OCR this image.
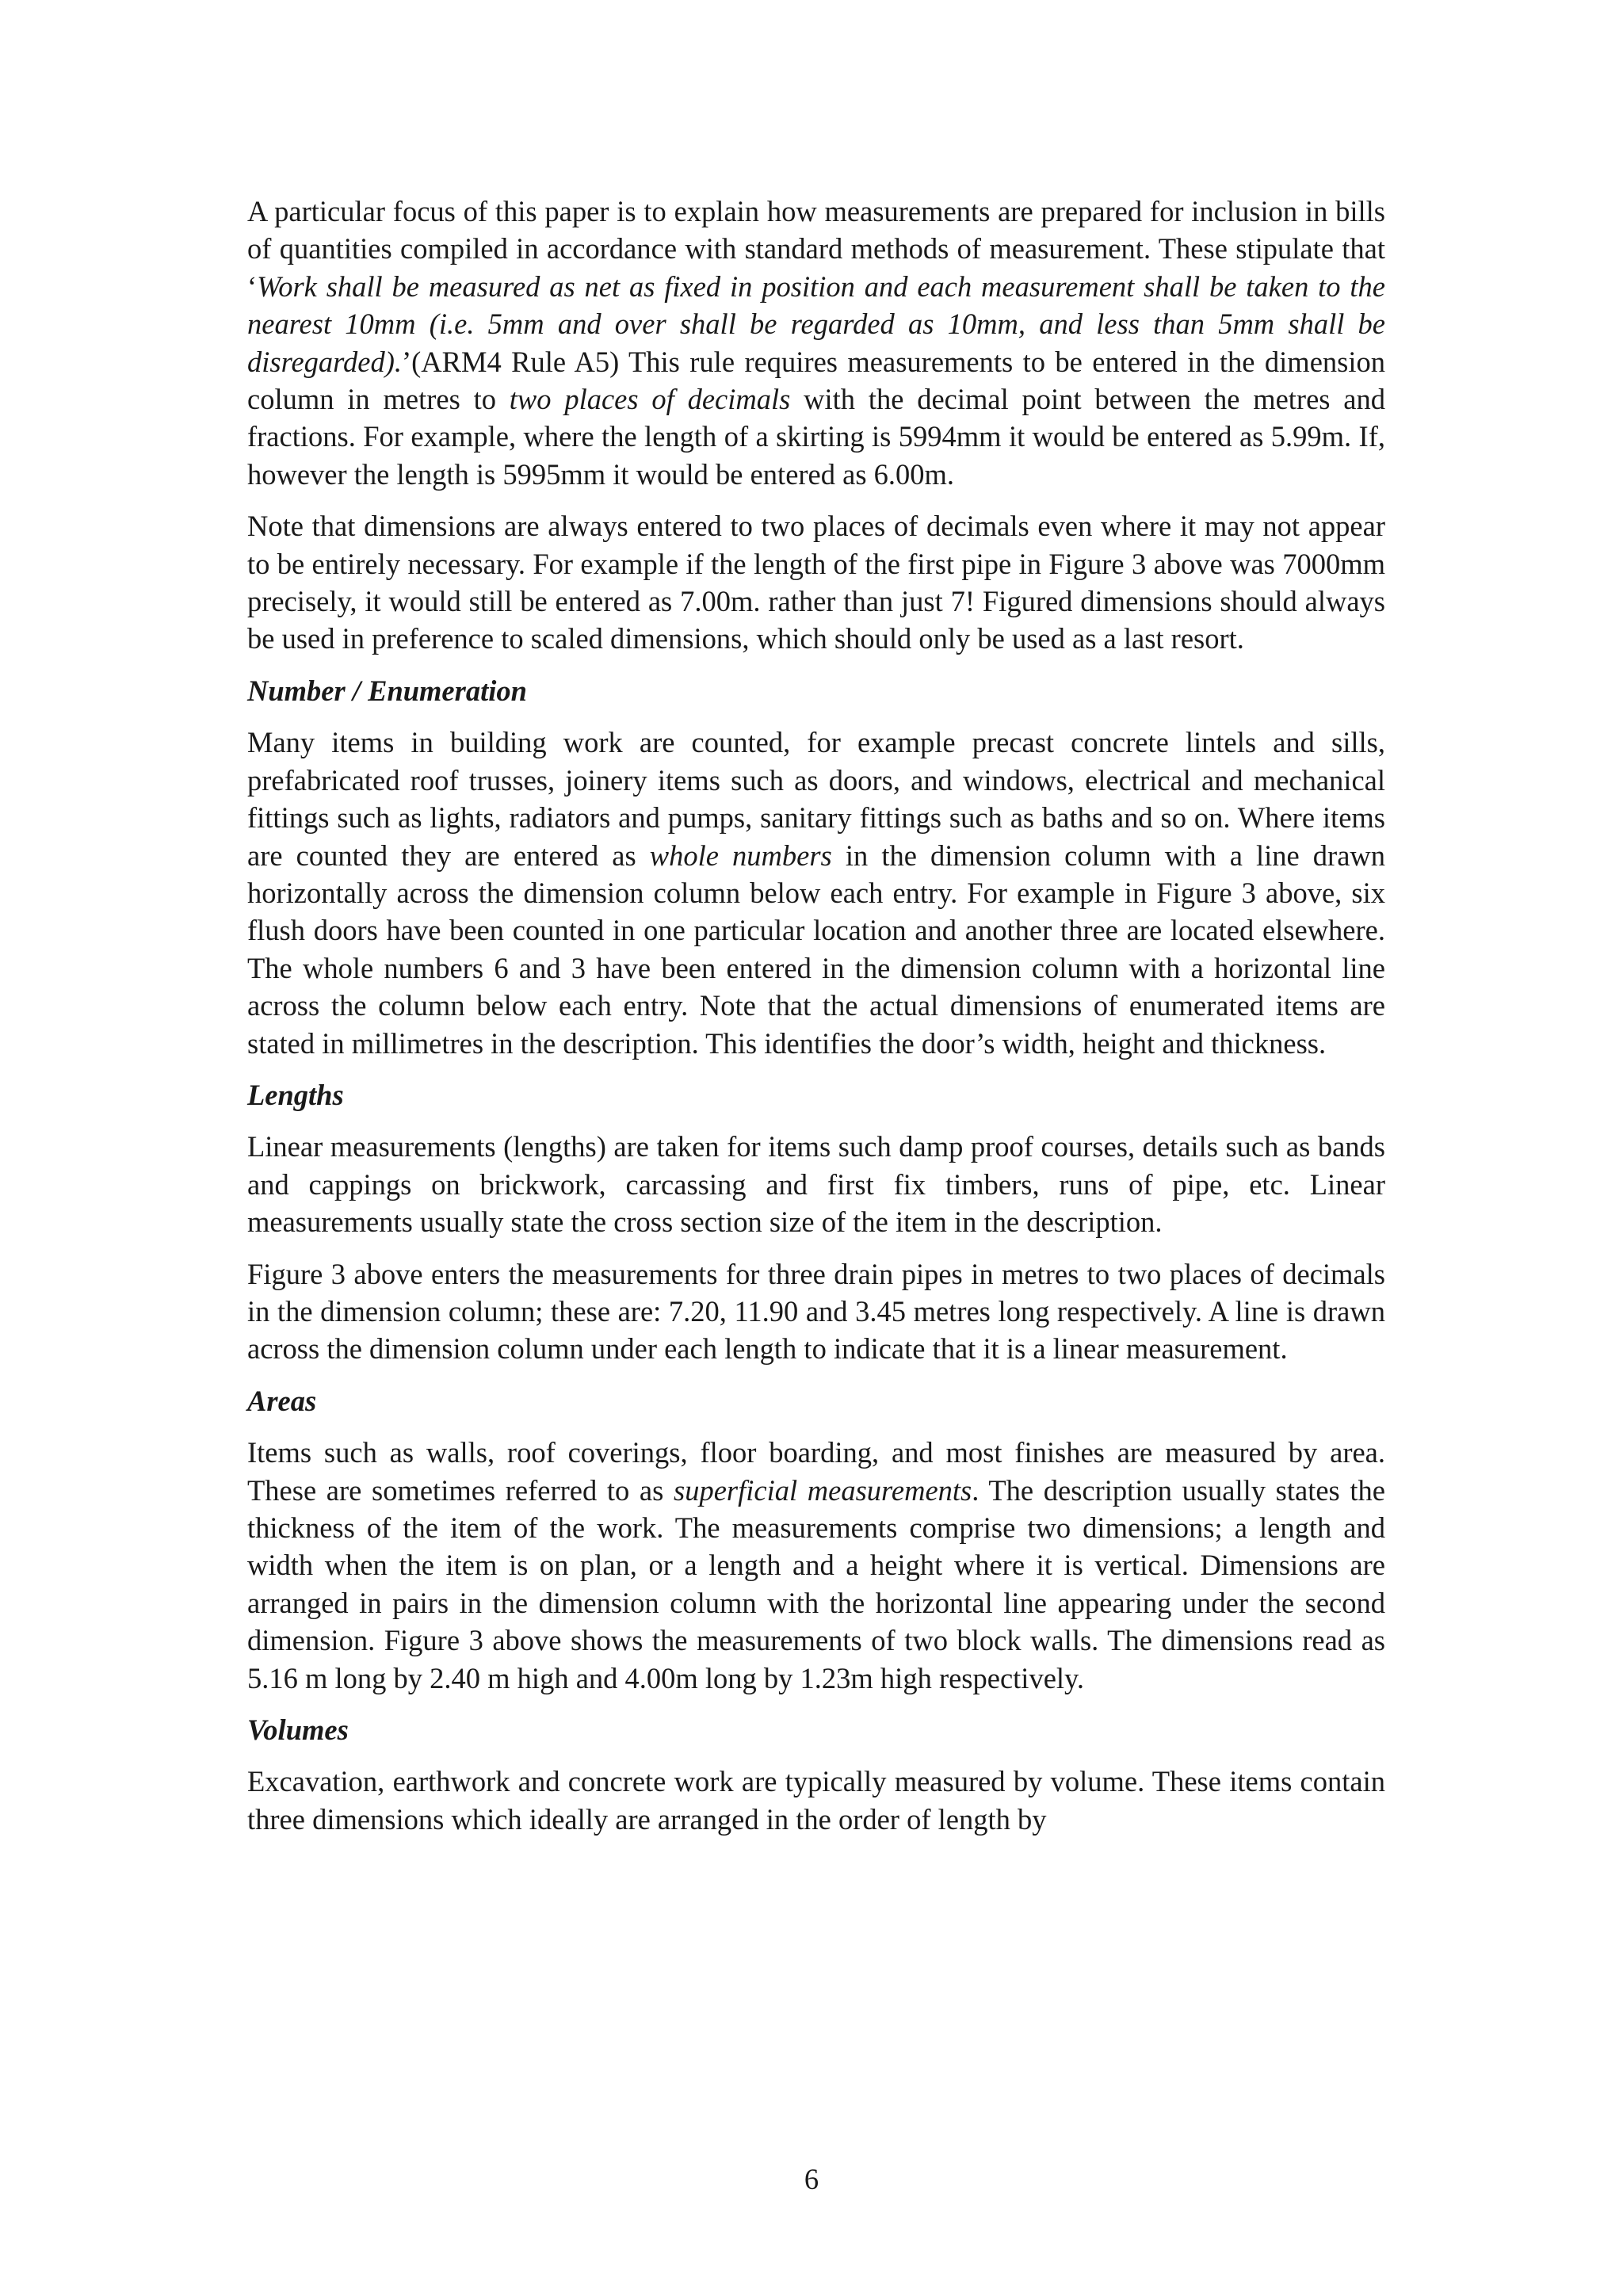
A particular focus of this paper is to explain how measurements are prepared for inclusion in bills of quantities compiled in accordance with standard methods of measurement. These stipulate that ‘Work shall be measured as net as fixed in position and each measurement shall be taken to the nearest 10mm (i.e. 5mm and over shall be regarded as 10mm, and less than 5mm shall be disregarded).’(ARM4 Rule A5) This rule requires measurements to be entered in the dimension column in metres to two places of decimals with the decimal point between the metres and fractions. For example, where the length of a skirting is 5994mm it would be entered as 5.99m. If, however the length is 5995mm it would be entered as 6.00m.

Note that dimensions are always entered to two places of decimals even where it may not appear to be entirely necessary. For example if the length of the first pipe in Figure 3 above was 7000mm precisely, it would still be entered as 7.00m. rather than just 7! Figured dimensions should always be used in preference to scaled dimensions, which should only be used as a last resort.

Number / Enumeration

Many items in building work are counted, for example precast concrete lintels and sills, prefabricated roof trusses, joinery items such as doors, and windows, electrical and mechanical fittings such as lights, radiators and pumps, sanitary fittings such as baths and so on. Where items are counted they are entered as whole numbers in the dimension column with a line drawn horizontally across the dimension column below each entry. For example in Figure 3 above, six flush doors have been counted in one particular location and another three are located elsewhere. The whole numbers 6 and 3 have been entered in the dimension column with a horizontal line across the column below each entry. Note that the actual dimensions of enumerated items are stated in millimetres in the description. This identifies the door’s width, height and thickness.

Lengths

Linear measurements (lengths) are taken for items such damp proof courses, details such as bands and cappings on brickwork, carcassing and first fix timbers, runs of pipe, etc. Linear measurements usually state the cross section size of the item in the description.

Figure 3 above enters the measurements for three drain pipes in metres to two places of decimals in the dimension column; these are: 7.20, 11.90 and 3.45 metres long respectively. A line is drawn across the dimension column under each length to indicate that it is a linear measurement.

Areas

Items such as walls, roof coverings, floor boarding, and most finishes are measured by area. These are sometimes referred to as superficial measurements. The description usually states the thickness of the item of the work. The measurements comprise two dimensions; a length and width when the item is on plan, or a length and a height where it is vertical. Dimensions are arranged in pairs in the dimension column with the horizontal line appearing under the second dimension. Figure 3 above shows the measurements of two block walls. The dimensions read as 5.16 m long by 2.40 m high and 4.00m long by 1.23m high respectively.

Volumes

Excavation, earthwork and concrete work are typically measured by volume. These items contain three dimensions which ideally are arranged in the order of length by

6
